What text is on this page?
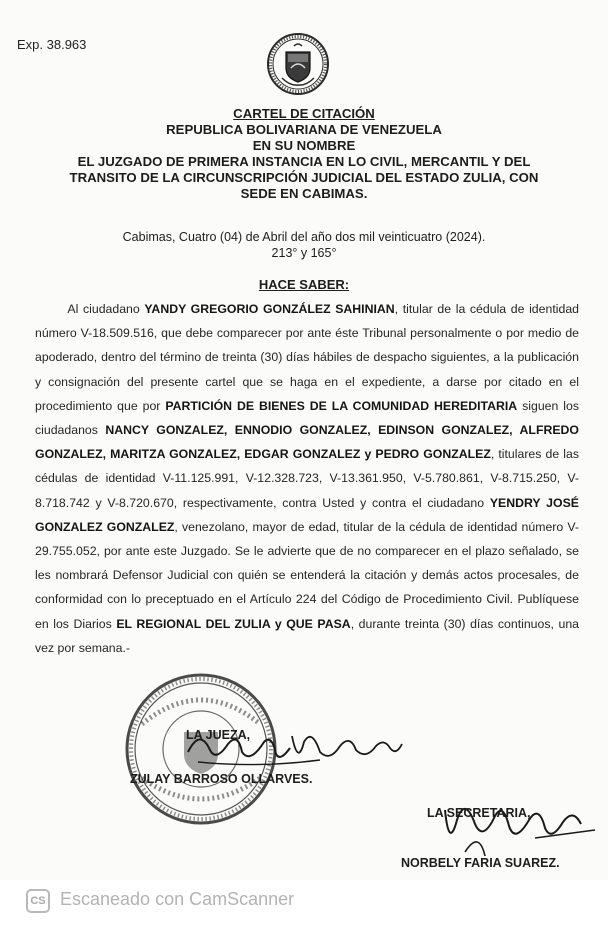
Exp. 38.963
CARTEL DE CITACIÓN
REPUBLICA BOLIVARIANA DE VENEZUELA
EN SU NOMBRE
EL JUZGADO DE PRIMERA INSTANCIA EN LO CIVIL, MERCANTIL Y DEL
TRANSITO DE LA CIRCUNSCRIPCIÓN JUDICIAL DEL ESTADO ZULIA, CON
SEDE EN CABIMAS.
Cabimas, Cuatro (04) de Abril del año dos mil veinticuatro (2024).
213° y 165°
HACE SABER:
Al ciudadano YANDY GREGORIO GONZÁLEZ SAHINIAN, titular de la cédula de identidad número V-18.509.516, que debe comparecer por ante éste Tribunal personalmente o por medio de apoderado, dentro del término de treinta (30) días hábiles de despacho siguientes, a la publicación y consignación del presente cartel que se haga en el expediente, a darse por citado en el procedimiento que por PARTICIÓN DE BIENES DE LA COMUNIDAD HEREDITARIA siguen los ciudadanos NANCY GONZALEZ, ENNODIO GONZALEZ, EDINSON GONZALEZ, ALFREDO GONZALEZ, MARITZA GONZALEZ, EDGAR GONZALEZ y PEDRO GONZALEZ, titulares de las cédulas de identidad V-11.125.991, V-12.328.723, V-13.361.950, V-5.780.861, V-8.715.250, V-8.718.742 y V-8.720.670, respectivamente, contra Usted y contra el ciudadano YENDRY JOSÉ GONZALEZ GONZALEZ, venezolano, mayor de edad, titular de la cédula de identidad número V-29.755.052, por ante este Juzgado. Se le advierte que de no comparecer en el plazo señalado, se les nombrará Defensor Judicial con quién se entenderá la citación y demás actos procesales, de conformidad con lo preceptuado en el Artículo 224 del Código de Procedimiento Civil. Publíquese en los Diarios EL REGIONAL DEL ZULIA y QUE PASA, durante treinta (30) días continuos, una vez por semana.-
LA JUEZA,
ZULAY BARROSO OLLARVES.
LA SECRETARIA,
NORBELY FARIA SUAREZ.
CS Escaneado con CamScanner
